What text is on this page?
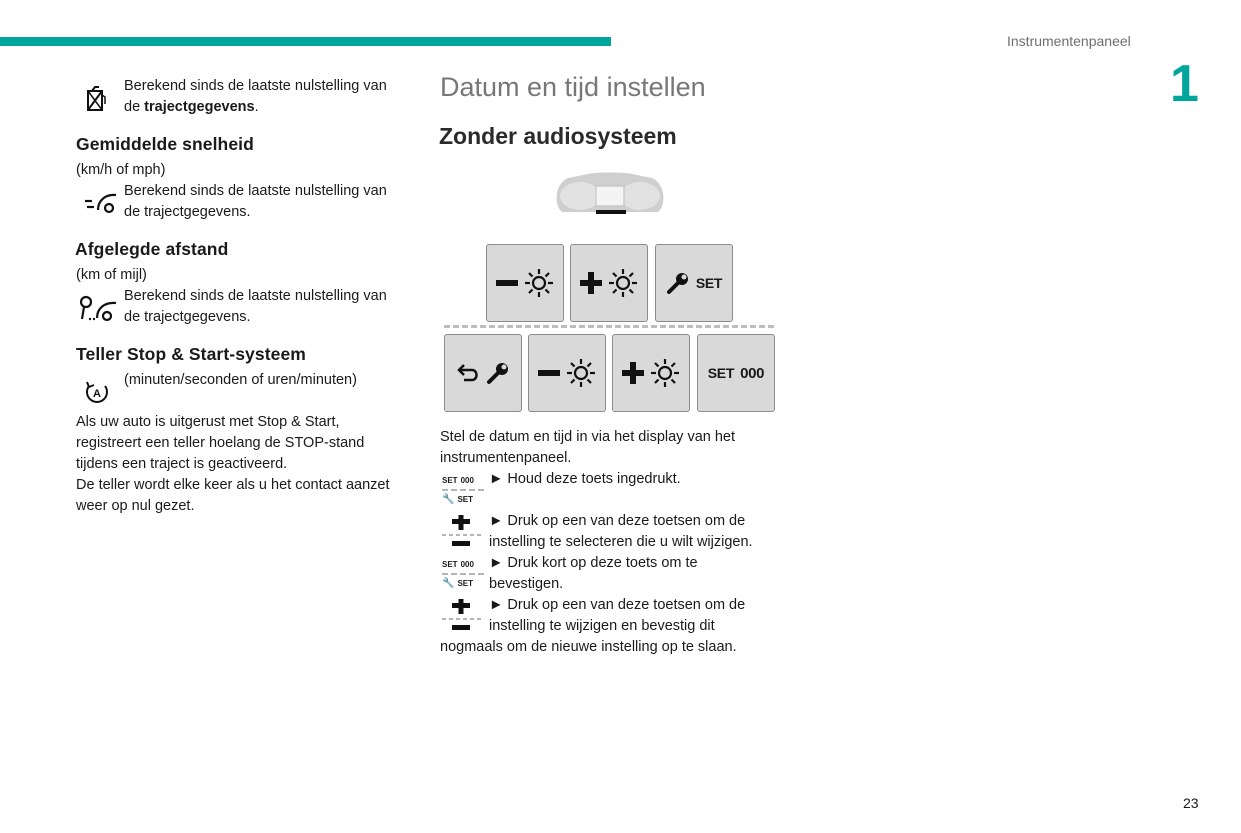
Instrumentenpaneel
1
Berekend sinds de laatste nulstelling van
de trajectgegevens.
Gemiddelde snelheid
(km/h of mph)
Berekend sinds de laatste nulstelling van
de trajectgegevens.
Afgelegde afstand
(km of mijl)
Berekend sinds de laatste nulstelling van
de trajectgegevens.
Teller Stop & Start-systeem
A
(minuten/seconden of uren/minuten)
Als uw auto is uitgerust met Stop & Start,
registreert een teller hoelang de STOP-stand
tijdens een traject is geactiveerd.
De teller wordt elke keer als u het contact aanzet
weer op nul gezet.
Datum en tijd instellen
Zonder audiosysteem
SET
SET 000
Stel de datum en tijd in via het display van het
instrumentenpaneel.
SET 000
🔧 SET
► Houd deze toets ingedrukt.
► Druk op een van deze toetsen om de
instelling te selecteren die u wilt wijzigen.
SET 000
🔧 SET
► Druk kort op deze toets om te
bevestigen.
► Druk op een van deze toetsen om de
instelling te wijzigen en bevestig dit
nogmaals om de nieuwe instelling op te slaan.
23
